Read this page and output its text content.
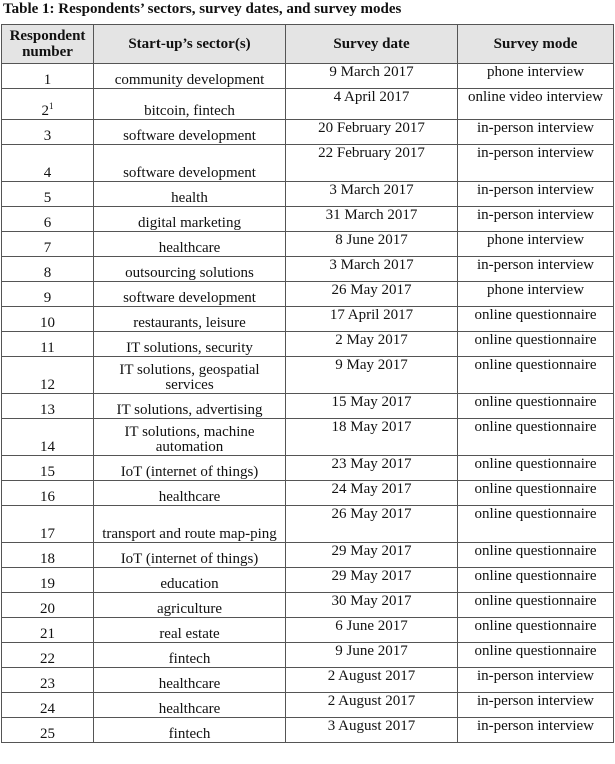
Table 1: Respondents’ sectors, survey dates, and survey modes
Respondent number	Start-up’s sector(s)	Survey date	Survey mode
1	community development	9 March 2017	phone interview
$2^1$	bitcoin, fintech	4 April 2017	online video interview
3	software development	20 February 2017	in-person interview
4	software development	22 February 2017	in-person interview
5	health	3 March 2017	in-person interview
6	digital marketing	31 March 2017	in-person interview
7	healthcare	8 June 2017	phone interview
8	outsourcing solutions	3 March 2017	in-person interview
9	software development	26 May 2017	phone interview
10	restaurants, leisure	17 April 2017	online questionnaire
11	IT solutions, security	2 May 2017	online questionnaire
12	IT solutions, geospatial services	9 May 2017	online questionnaire
13	IT solutions, advertising	15 May 2017	online questionnaire
14	IT solutions, machine automation	18 May 2017	online questionnaire
15	IoT (internet of things)	23 May 2017	online questionnaire
16	healthcare	24 May 2017	online questionnaire
17	transport and route map-ping	26 May 2017	online questionnaire
18	IoT (internet of things)	29 May 2017	online questionnaire
19	education	29 May 2017	online questionnaire
20	agriculture	30 May 2017	online questionnaire
21	real estate	6 June 2017	online questionnaire
22	fintech	9 June 2017	online questionnaire
23	healthcare	2 August 2017	in-person interview
24	healthcare	2 August 2017	in-person interview
25	fintech	3 August 2017	in-person interview
